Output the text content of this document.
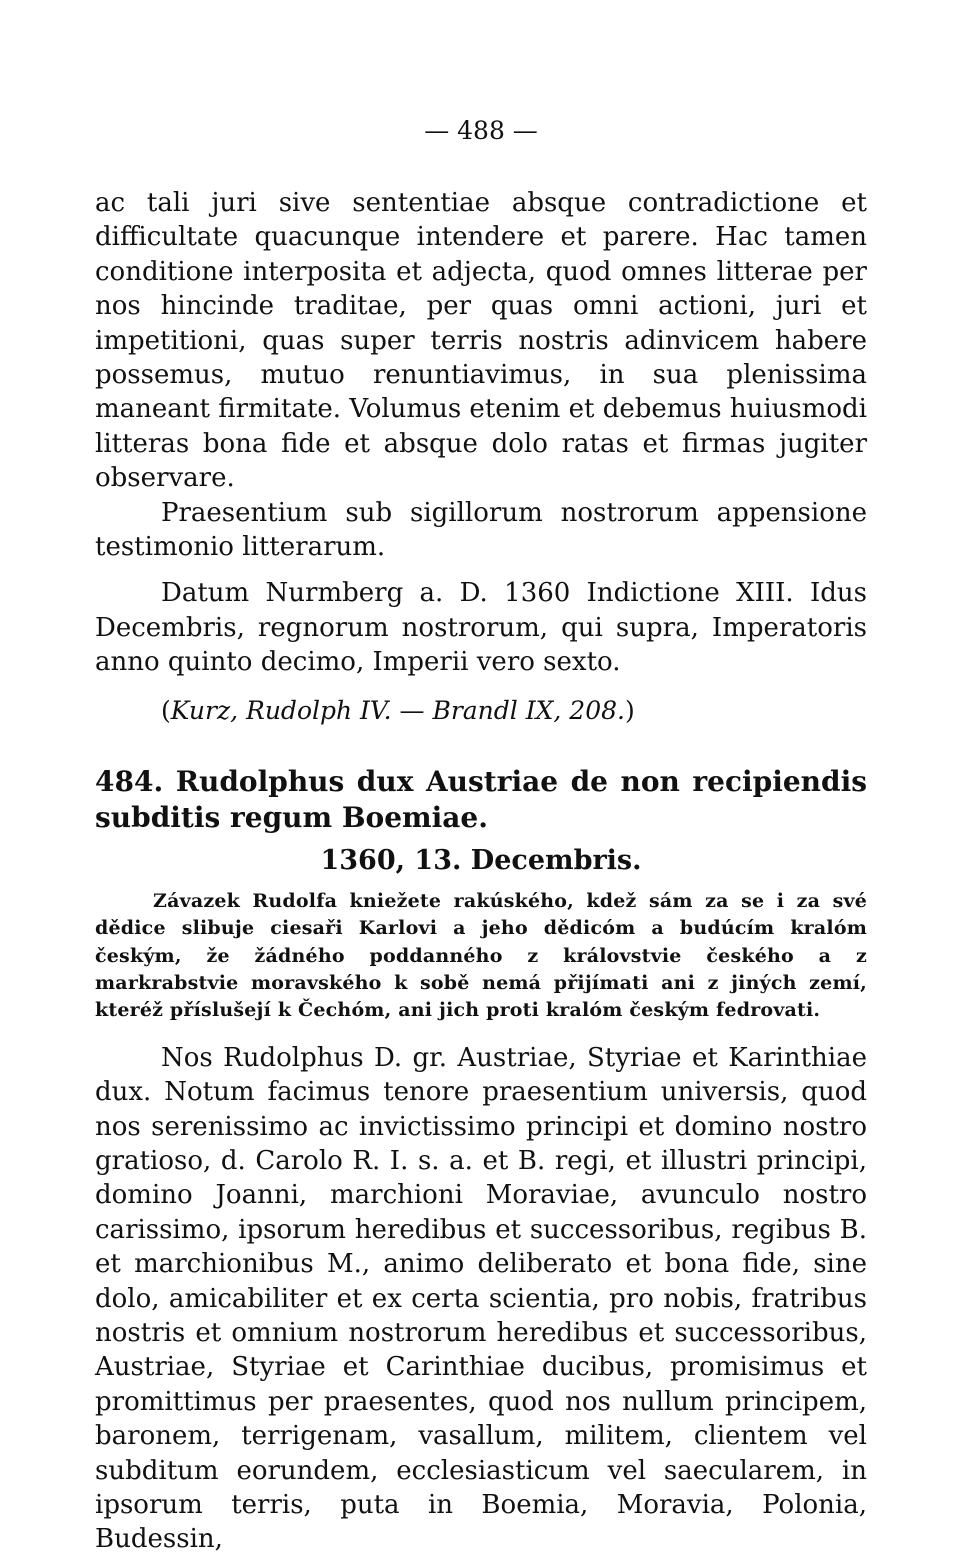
— 488 —

ac tali juri sive sententiae absque contradictione et difficultate quacunque intendere et parere. Hac tamen conditione interposita et adjecta, quod omnes litterae per nos hincinde traditae, per quas omni actioni, juri et impetitioni, quas super terris nostris adinvicem habere possemus, mutuo renuntiavimus, in sua plenissima maneant firmitate. Volumus etenim et debemus huiusmodi litteras bona fide et absque dolo ratas et firmas jugiter observare.

Praesentium sub sigillorum nostrorum appensione testimonio litterarum.

Datum Nurmberg a. D. 1360 Indictione XIII. Idus Decembris, regnorum nostrorum, qui supra, Imperatoris anno quinto decimo, Imperii vero sexto.

(Kurz, Rudolph IV. — Brandl IX, 208.)

484. Rudolphus dux Austriae de non recipiendis subditis regum Boemiae.
1360, 13. Decembris.

Závazek Rudolfa kniežete rakúského, kdež sám za se i za své dědice slibuje ciesaři Karlovi a jeho dědicóm a budúcím kralóm českým, že žádného poddanného z královstvie českého a z markrabstvie moravského k sobě nemá přijímati ani z jiných zemí, kteréž příslušejí k Čechóm, ani jich proti kralóm českým fedrovati.

Nos Rudolphus D. gr. Austriae, Styriae et Karinthiae dux. Notum facimus tenore praesentium universis, quod nos serenissimo ac invictissimo principi et domino nostro gratioso, d. Carolo R. I. s. a. et B. regi, et illustri principi, domino Joanni, marchioni Moraviae, avunculo nostro carissimo, ipsorum heredibus et successoribus, regibus B. et marchionibus M., animo deliberato et bona fide, sine dolo, amicabiliter et ex certa scientia, pro nobis, fratribus nostris et omnium nostrorum heredibus et successoribus, Austriae, Styriae et Carinthiae ducibus, promisimus et promittimus per praesentes, quod nos nullum principem, baronem, terrigenam, vasallum, militem, clientem vel subditum eorundem, ecclesiasticum vel saecularem, in ipsorum terris, puta in Boemia, Moravia, Polonia, Budessin,
